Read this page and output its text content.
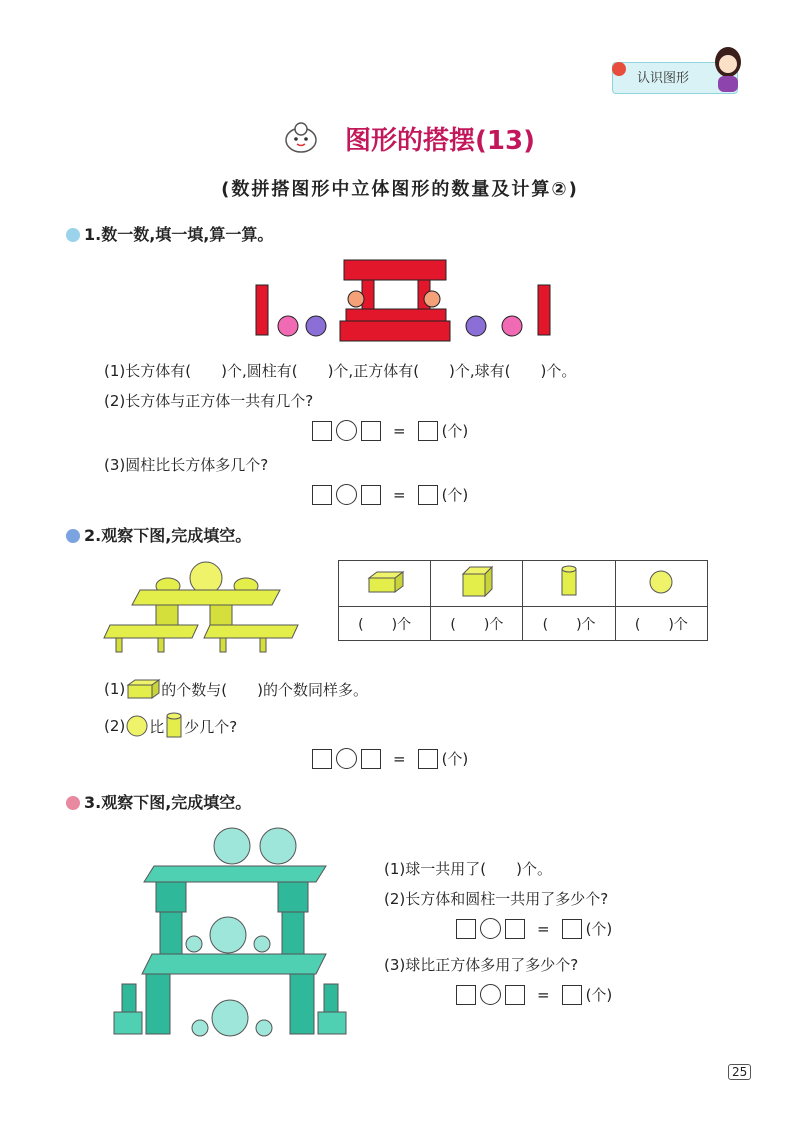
认识图形
图形的搭摆(13)
(数拼搭图形中立体图形的数量及计算②)
1.数一数,填一填,算一算。
(1)长方体有(　　)个,圆柱有(　　)个,正方体有(　　)个,球有(　　)个。
(2)长方体与正方体一共有几个?
= (个)
(3)圆柱比长方体多几个?
= (个)
2.观察下图,完成填空。

(　　)个	(　　)个	(　　)个	(　　)个
(1) 的个数与(　　)的个数同样多。
(2) 比 少几个?
= (个)
3.观察下图,完成填空。
(1)球一共用了(　　)个。
(2)长方体和圆柱一共用了多少个?
= (个)
(3)球比正方体多用了多少个?
= (个)
25
